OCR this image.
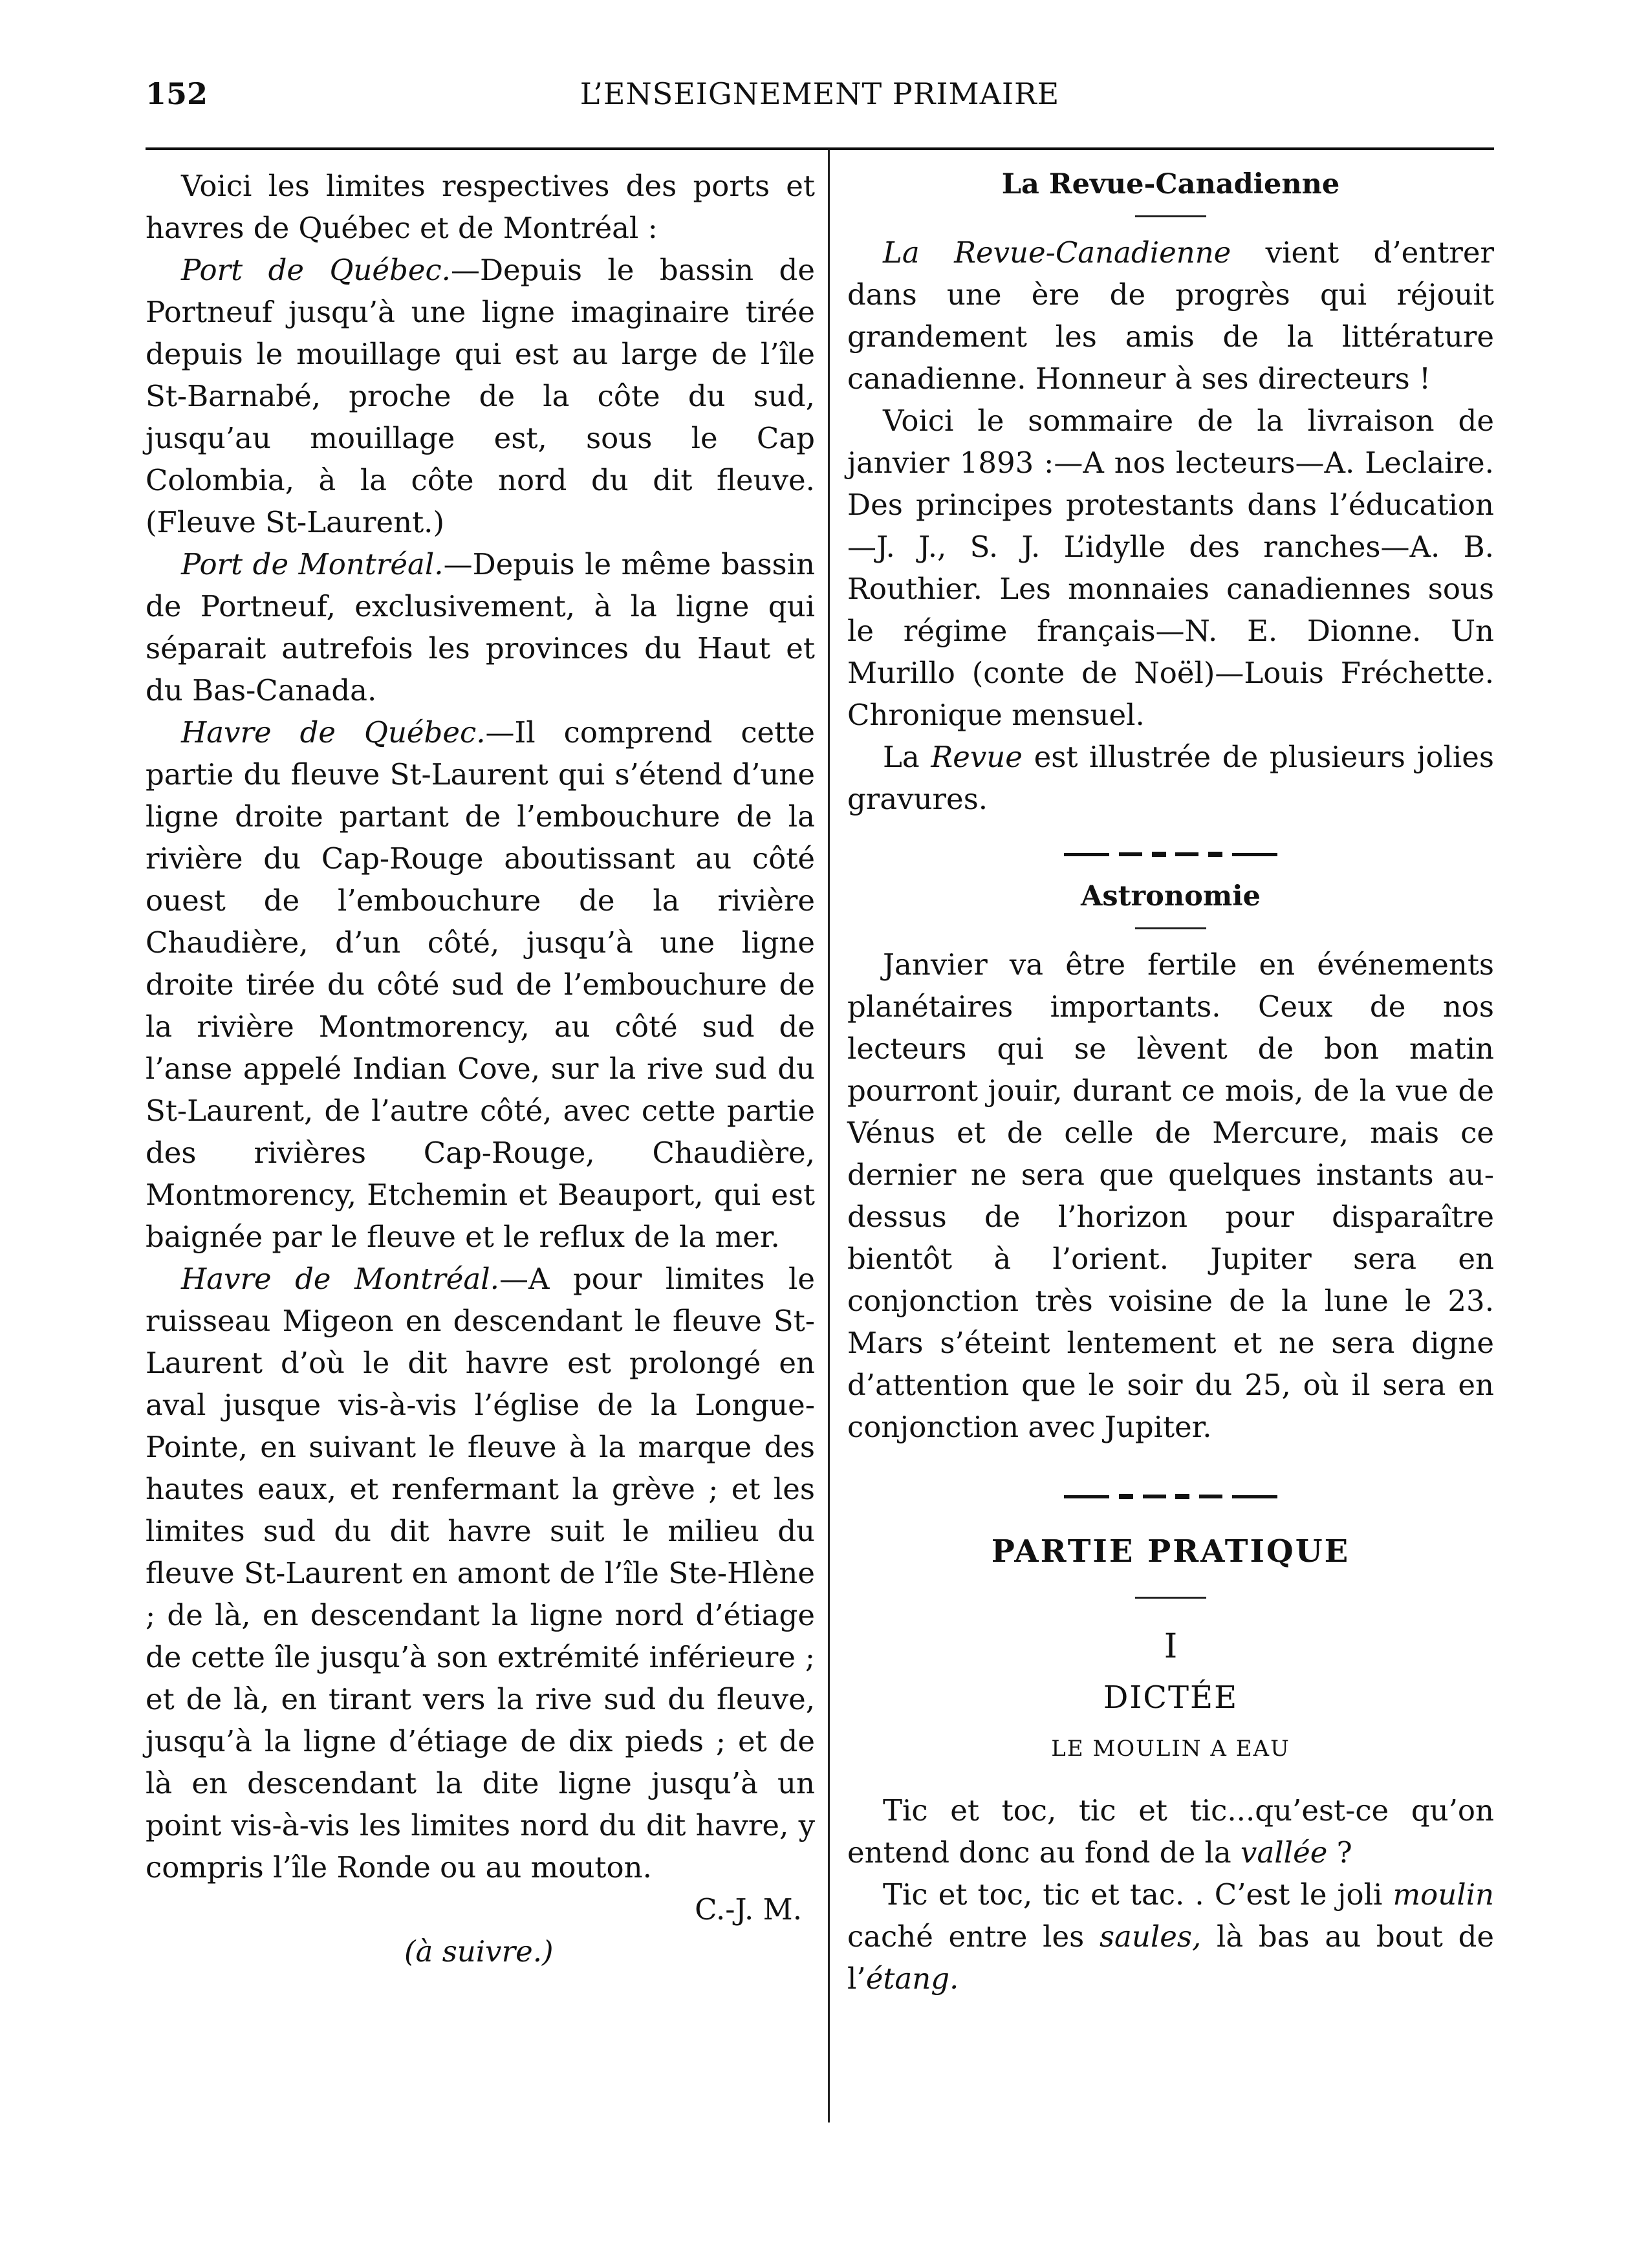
152	L’ENSEIGNEMENT PRIMAIRE

Voici les limites respectives des ports et havres de Québec et de Montréal :

Port de Québec.—Depuis le bassin de Portneuf jusqu’à une ligne imaginaire tirée depuis le mouillage qui est au large de l’île St-Barnabé, proche de la côte du sud, jusqu’au mouillage est, sous le Cap Colombia, à la côte nord du dit fleuve. (Fleuve St-Laurent.)

Port de Montréal.—Depuis le même bassin de Portneuf, exclusivement, à la ligne qui séparait autrefois les provinces du Haut et du Bas-Canada.

Havre de Québec.—Il comprend cette partie du fleuve St-Laurent qui s’étend d’une ligne droite partant de l’embouchure de la rivière du Cap-Rouge aboutissant au côté ouest de l’embouchure de la rivière Chaudière, d’un côté, jusqu’à une ligne droite tirée du côté sud de l’embouchure de la rivière Montmorency, au côté sud de l’anse appelé Indian Cove, sur la rive sud du St-Laurent, de l’autre côté, avec cette partie des rivières Cap-Rouge, Chaudière, Montmorency, Etchemin et Beauport, qui est baignée par le fleuve et le reflux de la mer.

Havre de Montréal.—A pour limites le ruisseau Migeon en descendant le fleuve St-Laurent d’où le dit havre est prolongé en aval jusque vis-à-vis l’église de la Longue-Pointe, en suivant le fleuve à la marque des hautes eaux, et renfermant la grève ; et les limites sud du dit havre suit le milieu du fleuve St-Laurent en amont de l’île Ste-Hlène ; de là, en descendant la ligne nord d’étiage de cette île jusqu’à son extrémité inférieure ; et de là, en tirant vers la rive sud du fleuve, jusqu’à la ligne d’étiage de dix pieds ; et de là en descendant la dite ligne jusqu’à un point vis-à-vis les limites nord du dit havre, y compris l’île Ronde ou au mouton.

C.-J. M.

(à suivre.)

La Revue-Canadienne

La Revue-Canadienne vient d’entrer dans une ère de progrès qui réjouit grandement les amis de la littérature canadienne. Honneur à ses directeurs !

Voici le sommaire de la livraison de janvier 1893 :—A nos lecteurs—A. Leclaire. Des principes protestants dans l’éducation—J. J., S. J. L’idylle des ranches—A. B. Routhier. Les monnaies canadiennes sous le régime français—N. E. Dionne. Un Murillo (conte de Noël)—Louis Fréchette. Chronique mensuel.

La Revue est illustrée de plusieurs jolies gravures.

Astronomie

Janvier va être fertile en événements planétaires importants. Ceux de nos lecteurs qui se lèvent de bon matin pourront jouir, durant ce mois, de la vue de Vénus et de celle de Mercure, mais ce dernier ne sera que quelques instants au-dessus de l’horizon pour disparaître bientôt à l’orient. Jupiter sera en conjonction très voisine de la lune le 23. Mars s’éteint lentement et ne sera digne d’attention que le soir du 25, où il sera en conjonction avec Jupiter.

PARTIE PRATIQUE

I

DICTÉE

LE MOULIN A EAU

Tic et toc, tic et tic...qu’est-ce qu’on entend donc au fond de la vallée ?

Tic et toc, tic et tac. . C’est le joli moulin caché entre les saules, là bas au bout de l’étang.
